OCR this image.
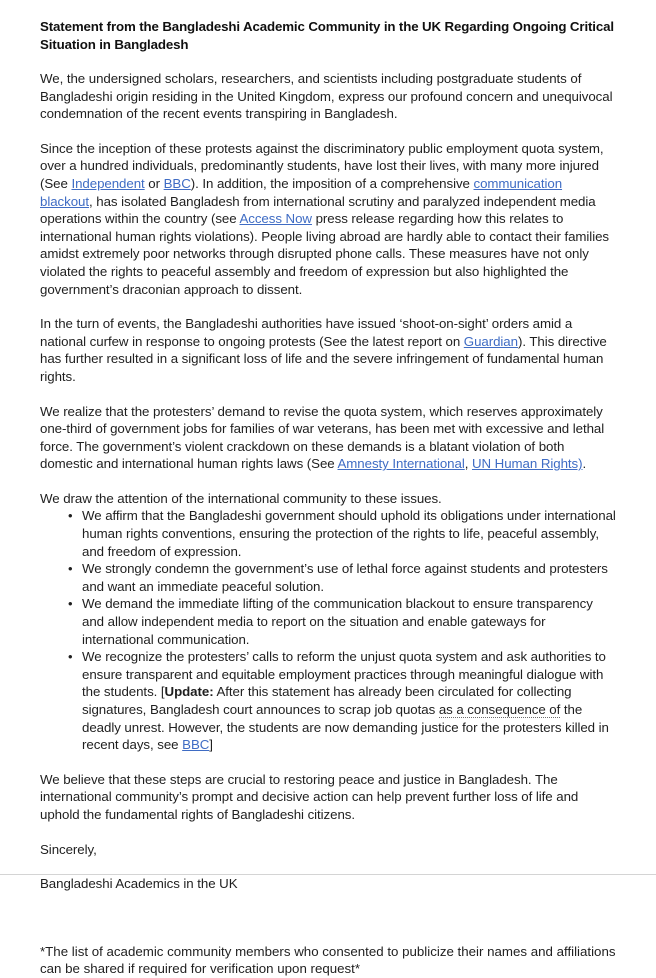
Statement from the Bangladeshi Academic Community in the UK Regarding Ongoing Critical Situation in Bangladesh

We, the undersigned scholars, researchers, and scientists including postgraduate students of Bangladeshi origin residing in the United Kingdom, express our profound concern and unequivocal condemnation of the recent events transpiring in Bangladesh.

Since the inception of these protests against the discriminatory public employment quota system, over a hundred individuals, predominantly students, have lost their lives, with many more injured (See Independent or BBC). In addition, the imposition of a comprehensive communication blackout, has isolated Bangladesh from international scrutiny and paralyzed independent media operations within the country (see Access Now press release regarding how this relates to international human rights violations). People living abroad are hardly able to contact their families amidst extremely poor networks through disrupted phone calls. These measures have not only violated the rights to peaceful assembly and freedom of expression but also highlighted the government’s draconian approach to dissent.

In the turn of events, the Bangladeshi authorities have issued ‘shoot-on-sight’ orders amid a national curfew in response to ongoing protests (See the latest report on Guardian). This directive has further resulted in a significant loss of life and the severe infringement of fundamental human rights.

We realize that the protesters’ demand to revise the quota system, which reserves approximately one-third of government jobs for families of war veterans, has been met with excessive and lethal force. The government’s violent crackdown on these demands is a blatant violation of both domestic and international human rights laws (See Amnesty International, UN Human Rights).

We draw the attention of the international community to these issues.

• We affirm that the Bangladeshi government should uphold its obligations under international human rights conventions, ensuring the protection of the rights to life, peaceful assembly, and freedom of expression.
• We strongly condemn the government’s use of lethal force against students and protesters and want an immediate peaceful solution.
• We demand the immediate lifting of the communication blackout to ensure transparency and allow independent media to report on the situation and enable gateways for international communication.
• We recognize the protesters’ calls to reform the unjust quota system and ask authorities to ensure transparent and equitable employment practices through meaningful dialogue with the students. [Update: After this statement has already been circulated for collecting signatures, Bangladesh court announces to scrap job quotas as a consequence of the deadly unrest. However, the students are now demanding justice for the protesters killed in recent days, see BBC]

We believe that these steps are crucial to restoring peace and justice in Bangladesh. The international community’s prompt and decisive action can help prevent further loss of life and uphold the fundamental rights of Bangladeshi citizens.

Sincerely,

Bangladeshi Academics in the UK

*The list of academic community members who consented to publicize their names and affiliations can be shared if required for verification upon request*
